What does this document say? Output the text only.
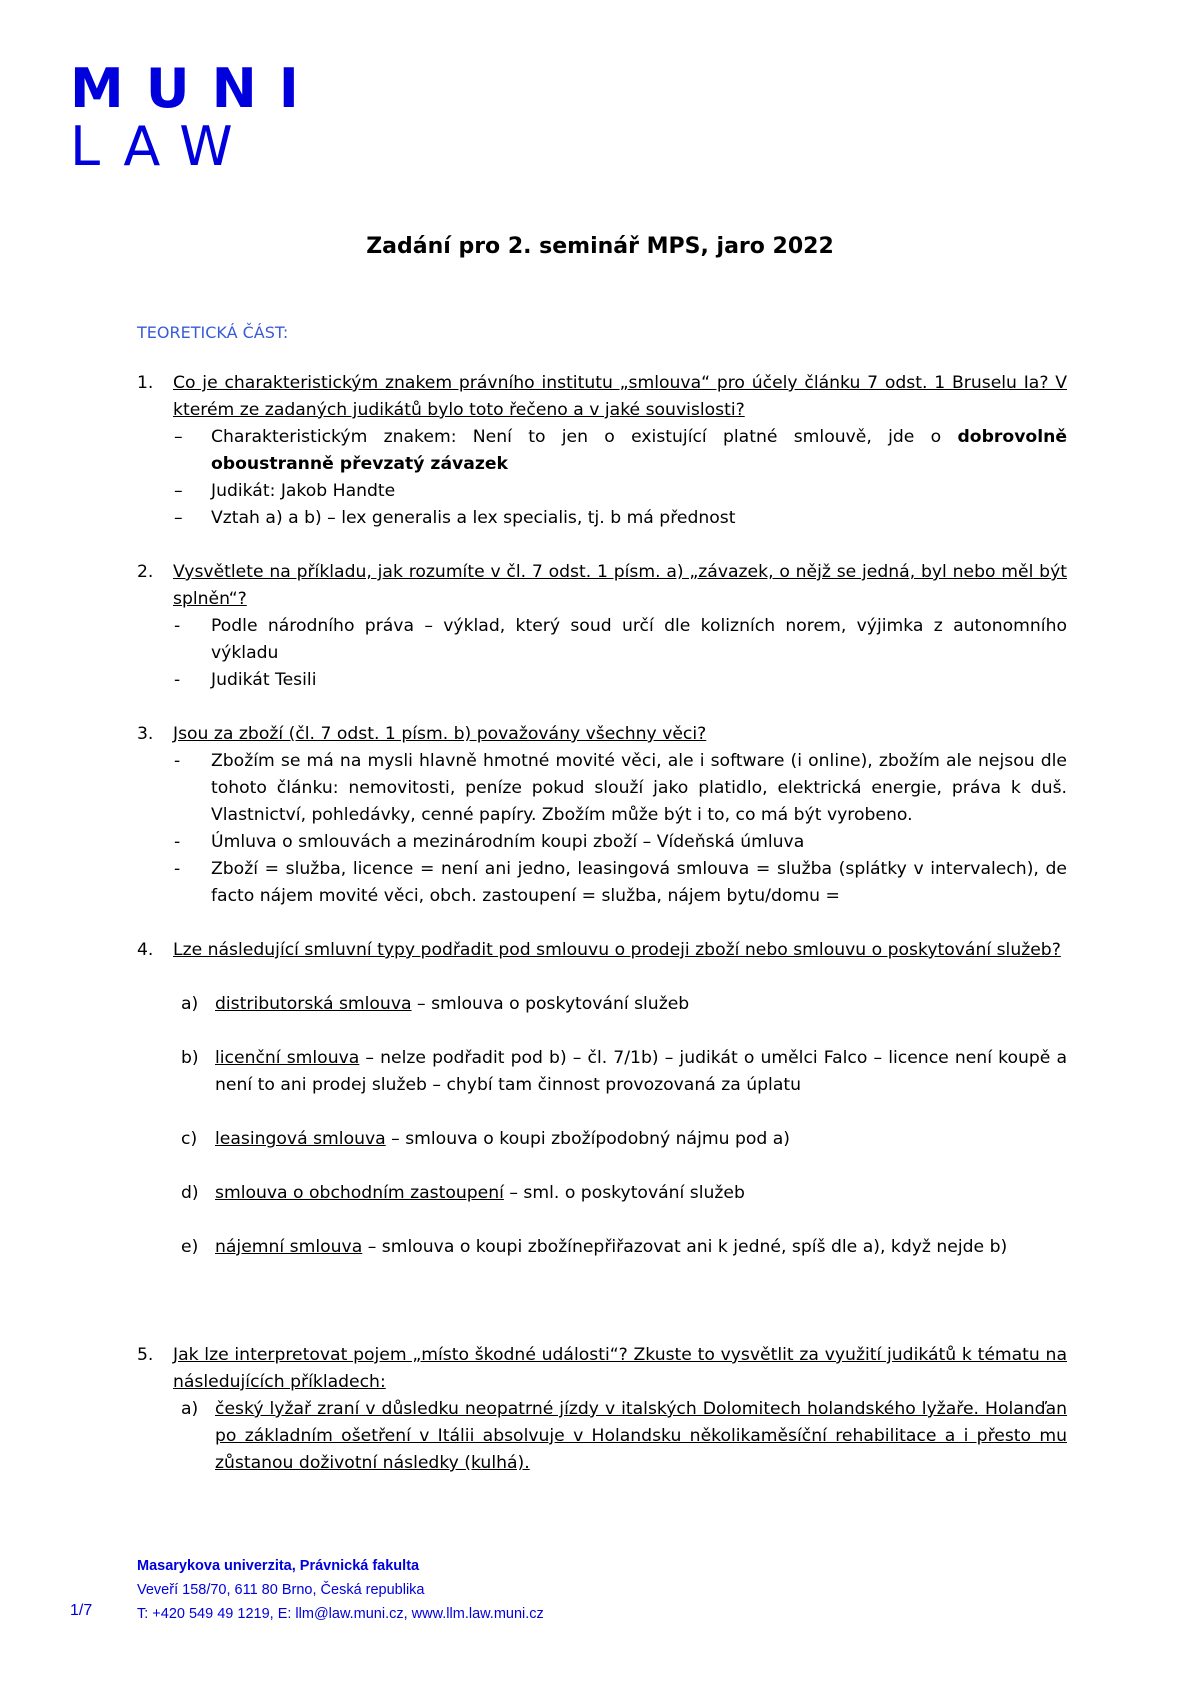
MUNI
LAW
Zadání pro 2. seminář MPS, jaro 2022
TEORETICKÁ ČÁST:
1. Co je charakteristickým znakem právního institutu „smlouva“ pro účely článku 7 odst. 1 Bruselu Ia? V kterém ze zadaných judikátů bylo toto řečeno a v jaké souvislosti?
– Charakteristickým znakem: Není to jen o existující platné smlouvě, jde o dobrovolně oboustranně převzatý závazek
– Judikát: Jakob Handte
– Vztah a) a b) – lex generalis a lex specialis, tj. b má přednost
2. Vysvětlete na příkladu, jak rozumíte v čl. 7 odst. 1 písm. a) „závazek, o nějž se jedná, byl nebo měl být splněn“?
- Podle národního práva – výklad, který soud určí dle kolizních norem, výjimka z autonomního výkladu
- Judikát Tesili
3. Jsou za zboží (čl. 7 odst. 1 písm. b) považovány všechny věci?
- Zbožím se má na mysli hlavně hmotné movité věci, ale i software (i online), zbožím ale nejsou dle tohoto článku: nemovitosti, peníze pokud slouží jako platidlo, elektrická energie, práva k duš. Vlastnictví, pohledávky, cenné papíry. Zbožím může být i to, co má být vyrobeno.
- Úmluva o smlouvách a mezinárodním koupi zboží – Vídeňská úmluva
- Zboží = služba, licence = není ani jedno, leasingová smlouva = služba (splátky v intervalech), de facto nájem movité věci, obch. zastoupení = služba, nájem bytu/domu =
4. Lze následující smluvní typy podřadit pod smlouvu o prodeji zboží nebo smlouvu o poskytování služeb?
a) distributorská smlouva – smlouva o poskytování služeb
b) licenční smlouva – nelze podřadit pod b) – čl. 7/1b) – judikát o umělci Falco – licence není koupě a není to ani prodej služeb – chybí tam činnost provozovaná za úplatu
c) leasingová smlouva – smlouva o koupi zbožípodobný nájmu pod a)
d) smlouva o obchodním zastoupení – sml. o poskytování služeb
e) nájemní smlouva – smlouva o koupi zbožínepřiřazovat ani k jedné, spíš dle a), když nejde b)
5. Jak lze interpretovat pojem „místo škodné události“? Zkuste to vysvětlit za využití judikátů k tématu na následujících příkladech:
a) český lyžař zraní v důsledku neopatrné jízdy v italských Dolomitech holandského lyžaře. Holanďan po základním ošetření v Itálii absolvuje v Holandsku několikaměsíční rehabilitace a i přesto mu zůstanou doživotní následky (kulhá).
Masarykova univerzita, Právnická fakulta
Veveří 158/70, 611 80 Brno, Česká republika
T: +420 549 49 1219, E: llm@law.muni.cz, www.llm.law.muni.cz
1/7
